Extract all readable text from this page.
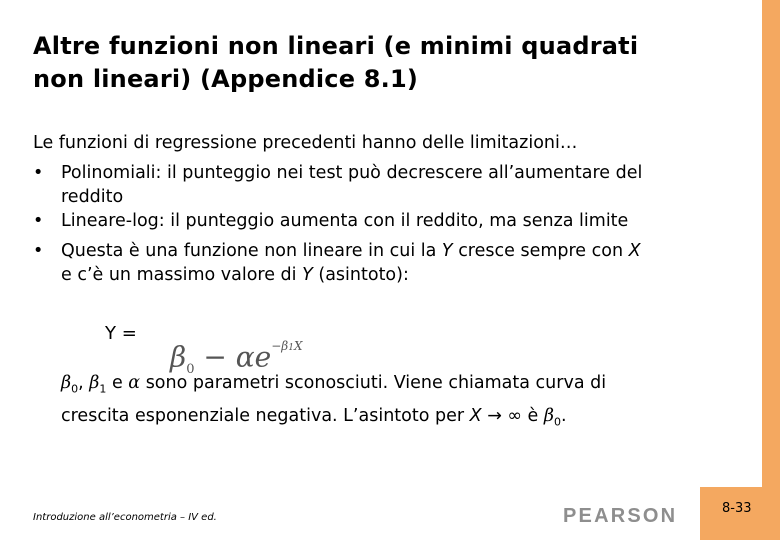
Altre funzioni non lineari (e minimi quadrati
non lineari) (Appendice 8.1)
Le funzioni di regressione precedenti hanno delle limitazioni…
• Polinomiali: il punteggio nei test può decrescere all’aumentare del
reddito
• Lineare-log: il punteggio aumenta con il reddito, ma senza limite
• Questa è una funzione non lineare in cui la Y cresce sempre con X
e c’è un massimo valore di Y (asintoto):
Y =
$\beta_0 - \alpha e^{-\beta 1X}$
$\beta_0$, $\beta_1$ e α sono parametri sconosciuti. Viene chiamata curva di
crescita esponenziale negativa. L’asintoto per X → ∞ è $\beta_0$.
Introduzione all’econometria – IV ed.	PEARSON	8-33
